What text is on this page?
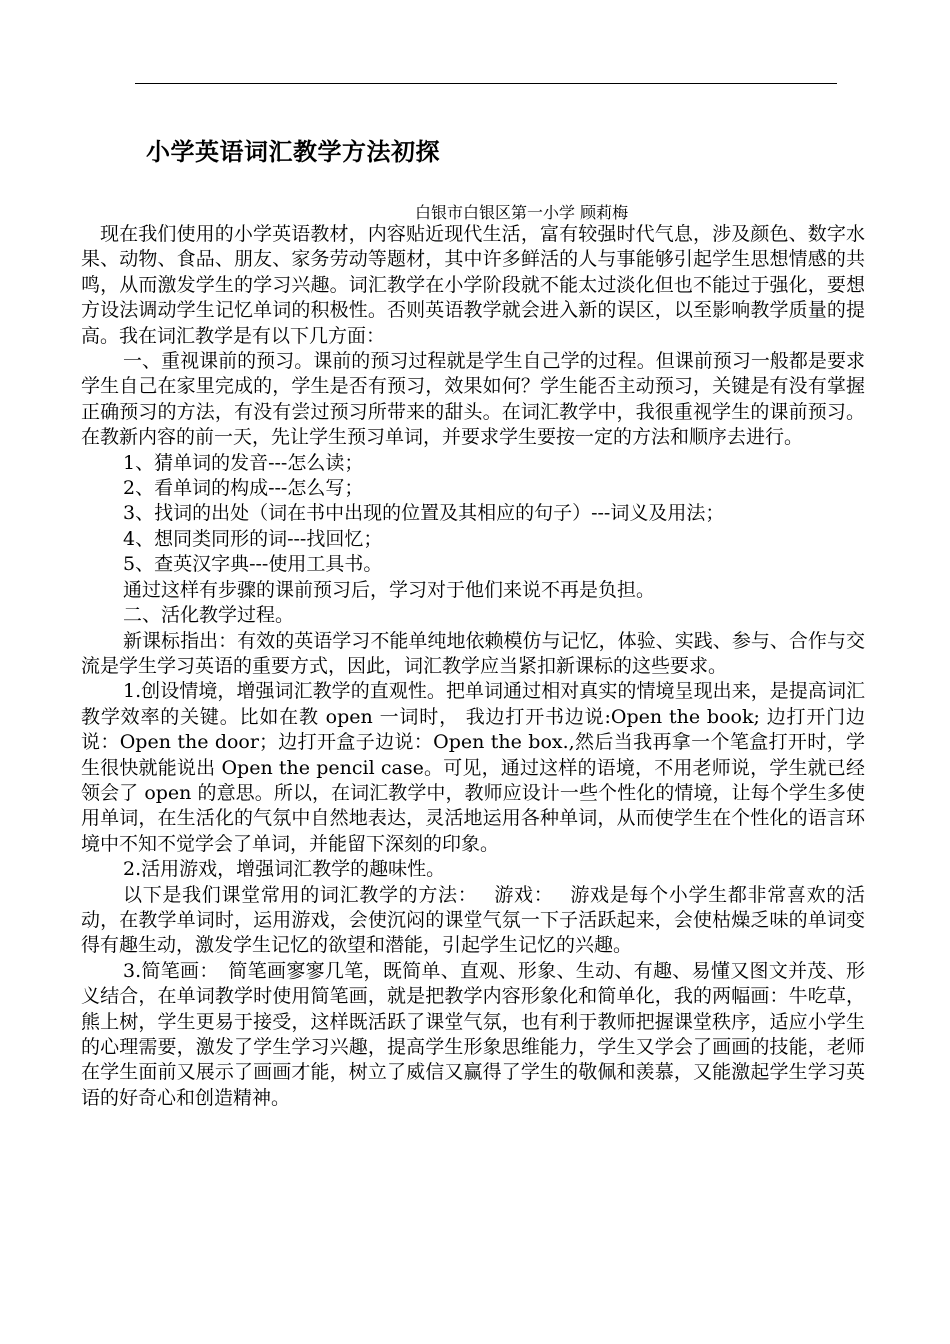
小学英语词汇教学方法初探
白银市白银区第一小学 顾莉梅

现在我们使用的小学英语教材，内容贴近现代生活，富有较强时代气息，涉及颜色、数字水果、动物、食品、朋友、家务劳动等题材，其中许多鲜活的人与事能够引起学生思想情感的共鸣，从而激发学生的学习兴趣。词汇教学在小学阶段就不能太过淡化但也不能过于强化，要想方设法调动学生记忆单词的积极性。否则英语教学就会进入新的误区，以至影响教学质量的提高。我在词汇教学是有以下几方面：

一、重视课前的预习。课前的预习过程就是学生自己学的过程。但课前预习一般都是要求学生自己在家里完成的，学生是否有预习，效果如何？学生能否主动预习，关键是有没有掌握正确预习的方法，有没有尝过预习所带来的甜头。在词汇教学中，我很重视学生的课前预习。在教新内容的前一天，先让学生预习单词，并要求学生要按一定的方法和顺序去进行。

1、猜单词的发音---怎么读；

2、看单词的构成---怎么写；

3、找词的出处（词在书中出现的位置及其相应的句子）---词义及用法；

4、想同类同形的词---找回忆；

5、查英汉字典---使用工具书。

通过这样有步骤的课前预习后，学习对于他们来说不再是负担。

二、活化教学过程。

新课标指出：有效的英语学习不能单纯地依赖模仿与记忆，体验、实践、参与、合作与交流是学生学习英语的重要方式，因此，词汇教学应当紧扣新课标的这些要求。

1.创设情境，增强词汇教学的直观性。把单词通过相对真实的情境呈现出来，是提高词汇教学效率的关键。比如在教 open 一词时， 我边打开书边说:Open the book; 边打开门边说：Open the door；边打开盒子边说：Open the box.,然后当我再拿一个笔盒打开时，学生很快就能说出 Open the pencil case。可见，通过这样的语境，不用老师说，学生就已经领会了 open 的意思。所以，在词汇教学中，教师应设计一些个性化的情境，让每个学生多使用单词，在生活化的气氛中自然地表达，灵活地运用各种单词，从而使学生在个性化的语言环境中不知不觉学会了单词，并能留下深刻的印象。

2.活用游戏，增强词汇教学的趣味性。

以下是我们课堂常用的词汇教学的方法：　 游戏：　 游戏是每个小学生都非常喜欢的活动，在教学单词时，运用游戏，会使沉闷的课堂气氛一下子活跃起来，会使枯燥乏味的单词变得有趣生动，激发学生记忆的欲望和潜能，引起学生记忆的兴趣。

3.简笔画：　简笔画寥寥几笔，既简单、直观、形象、生动、有趣、易懂又图文并茂、形义结合，在单词教学时使用简笔画，就是把教学内容形象化和简单化，我的两幅画：牛吃草，熊上树，学生更易于接受，这样既活跃了课堂气氛，也有利于教师把握课堂秩序，适应小学生的心理需要，激发了学生学习兴趣，提高学生形象思维能力，学生又学会了画画的技能，老师在学生面前又展示了画画才能，树立了威信又赢得了学生的敬佩和羡慕，又能激起学生学习英语的好奇心和创造精神。
